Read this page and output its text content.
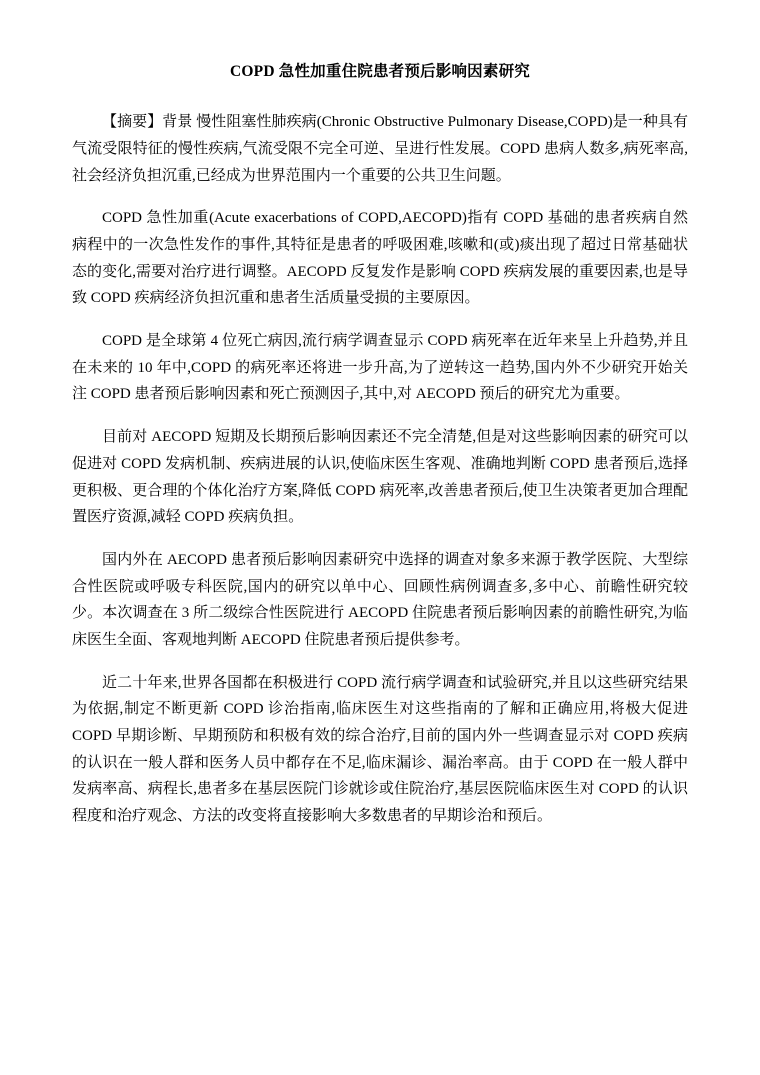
COPD 急性加重住院患者预后影响因素研究

【摘要】背景 慢性阻塞性肺疾病(Chronic Obstructive Pulmonary Disease,COPD)是一种具有气流受限特征的慢性疾病,气流受限不完全可逆、呈进行性发展。COPD 患病人数多,病死率高,社会经济负担沉重,已经成为世界范围内一个重要的公共卫生问题。

COPD 急性加重(Acute exacerbations of COPD,AECOPD)指有 COPD 基础的患者疾病自然病程中的一次急性发作的事件,其特征是患者的呼吸困难,咳嗽和(或)痰出现了超过日常基础状态的变化,需要对治疗进行调整。AECOPD 反复发作是影响 COPD 疾病发展的重要因素,也是导致 COPD 疾病经济负担沉重和患者生活质量受损的主要原因。

COPD 是全球第 4 位死亡病因,流行病学调查显示 COPD 病死率在近年来呈上升趋势,并且在未来的 10 年中,COPD 的病死率还将进一步升高,为了逆转这一趋势,国内外不少研究开始关注 COPD 患者预后影响因素和死亡预测因子,其中,对 AECOPD 预后的研究尤为重要。

目前对 AECOPD 短期及长期预后影响因素还不完全清楚,但是对这些影响因素的研究可以促进对 COPD 发病机制、疾病进展的认识,使临床医生客观、准确地判断 COPD 患者预后,选择更积极、更合理的个体化治疗方案,降低 COPD 病死率,改善患者预后,使卫生决策者更加合理配置医疗资源,减轻 COPD 疾病负担。

国内外在 AECOPD 患者预后影响因素研究中选择的调查对象多来源于教学医院、大型综合性医院或呼吸专科医院,国内的研究以单中心、回顾性病例调查多,多中心、前瞻性研究较少。本次调查在 3 所二级综合性医院进行 AECOPD 住院患者预后影响因素的前瞻性研究,为临床医生全面、客观地判断 AECOPD 住院患者预后提供参考。

近二十年来,世界各国都在积极进行 COPD 流行病学调查和试验研究,并且以这些研究结果为依据,制定不断更新 COPD 诊治指南,临床医生对这些指南的了解和正确应用,将极大促进 COPD 早期诊断、早期预防和积极有效的综合治疗,目前的国内外一些调查显示对 COPD 疾病的认识在一般人群和医务人员中都存在不足,临床漏诊、漏治率高。由于 COPD 在一般人群中发病率高、病程长,患者多在基层医院门诊就诊或住院治疗,基层医院临床医生对 COPD 的认识程度和治疗观念、方法的改变将直接影响大多数患者的早期诊治和预后。
